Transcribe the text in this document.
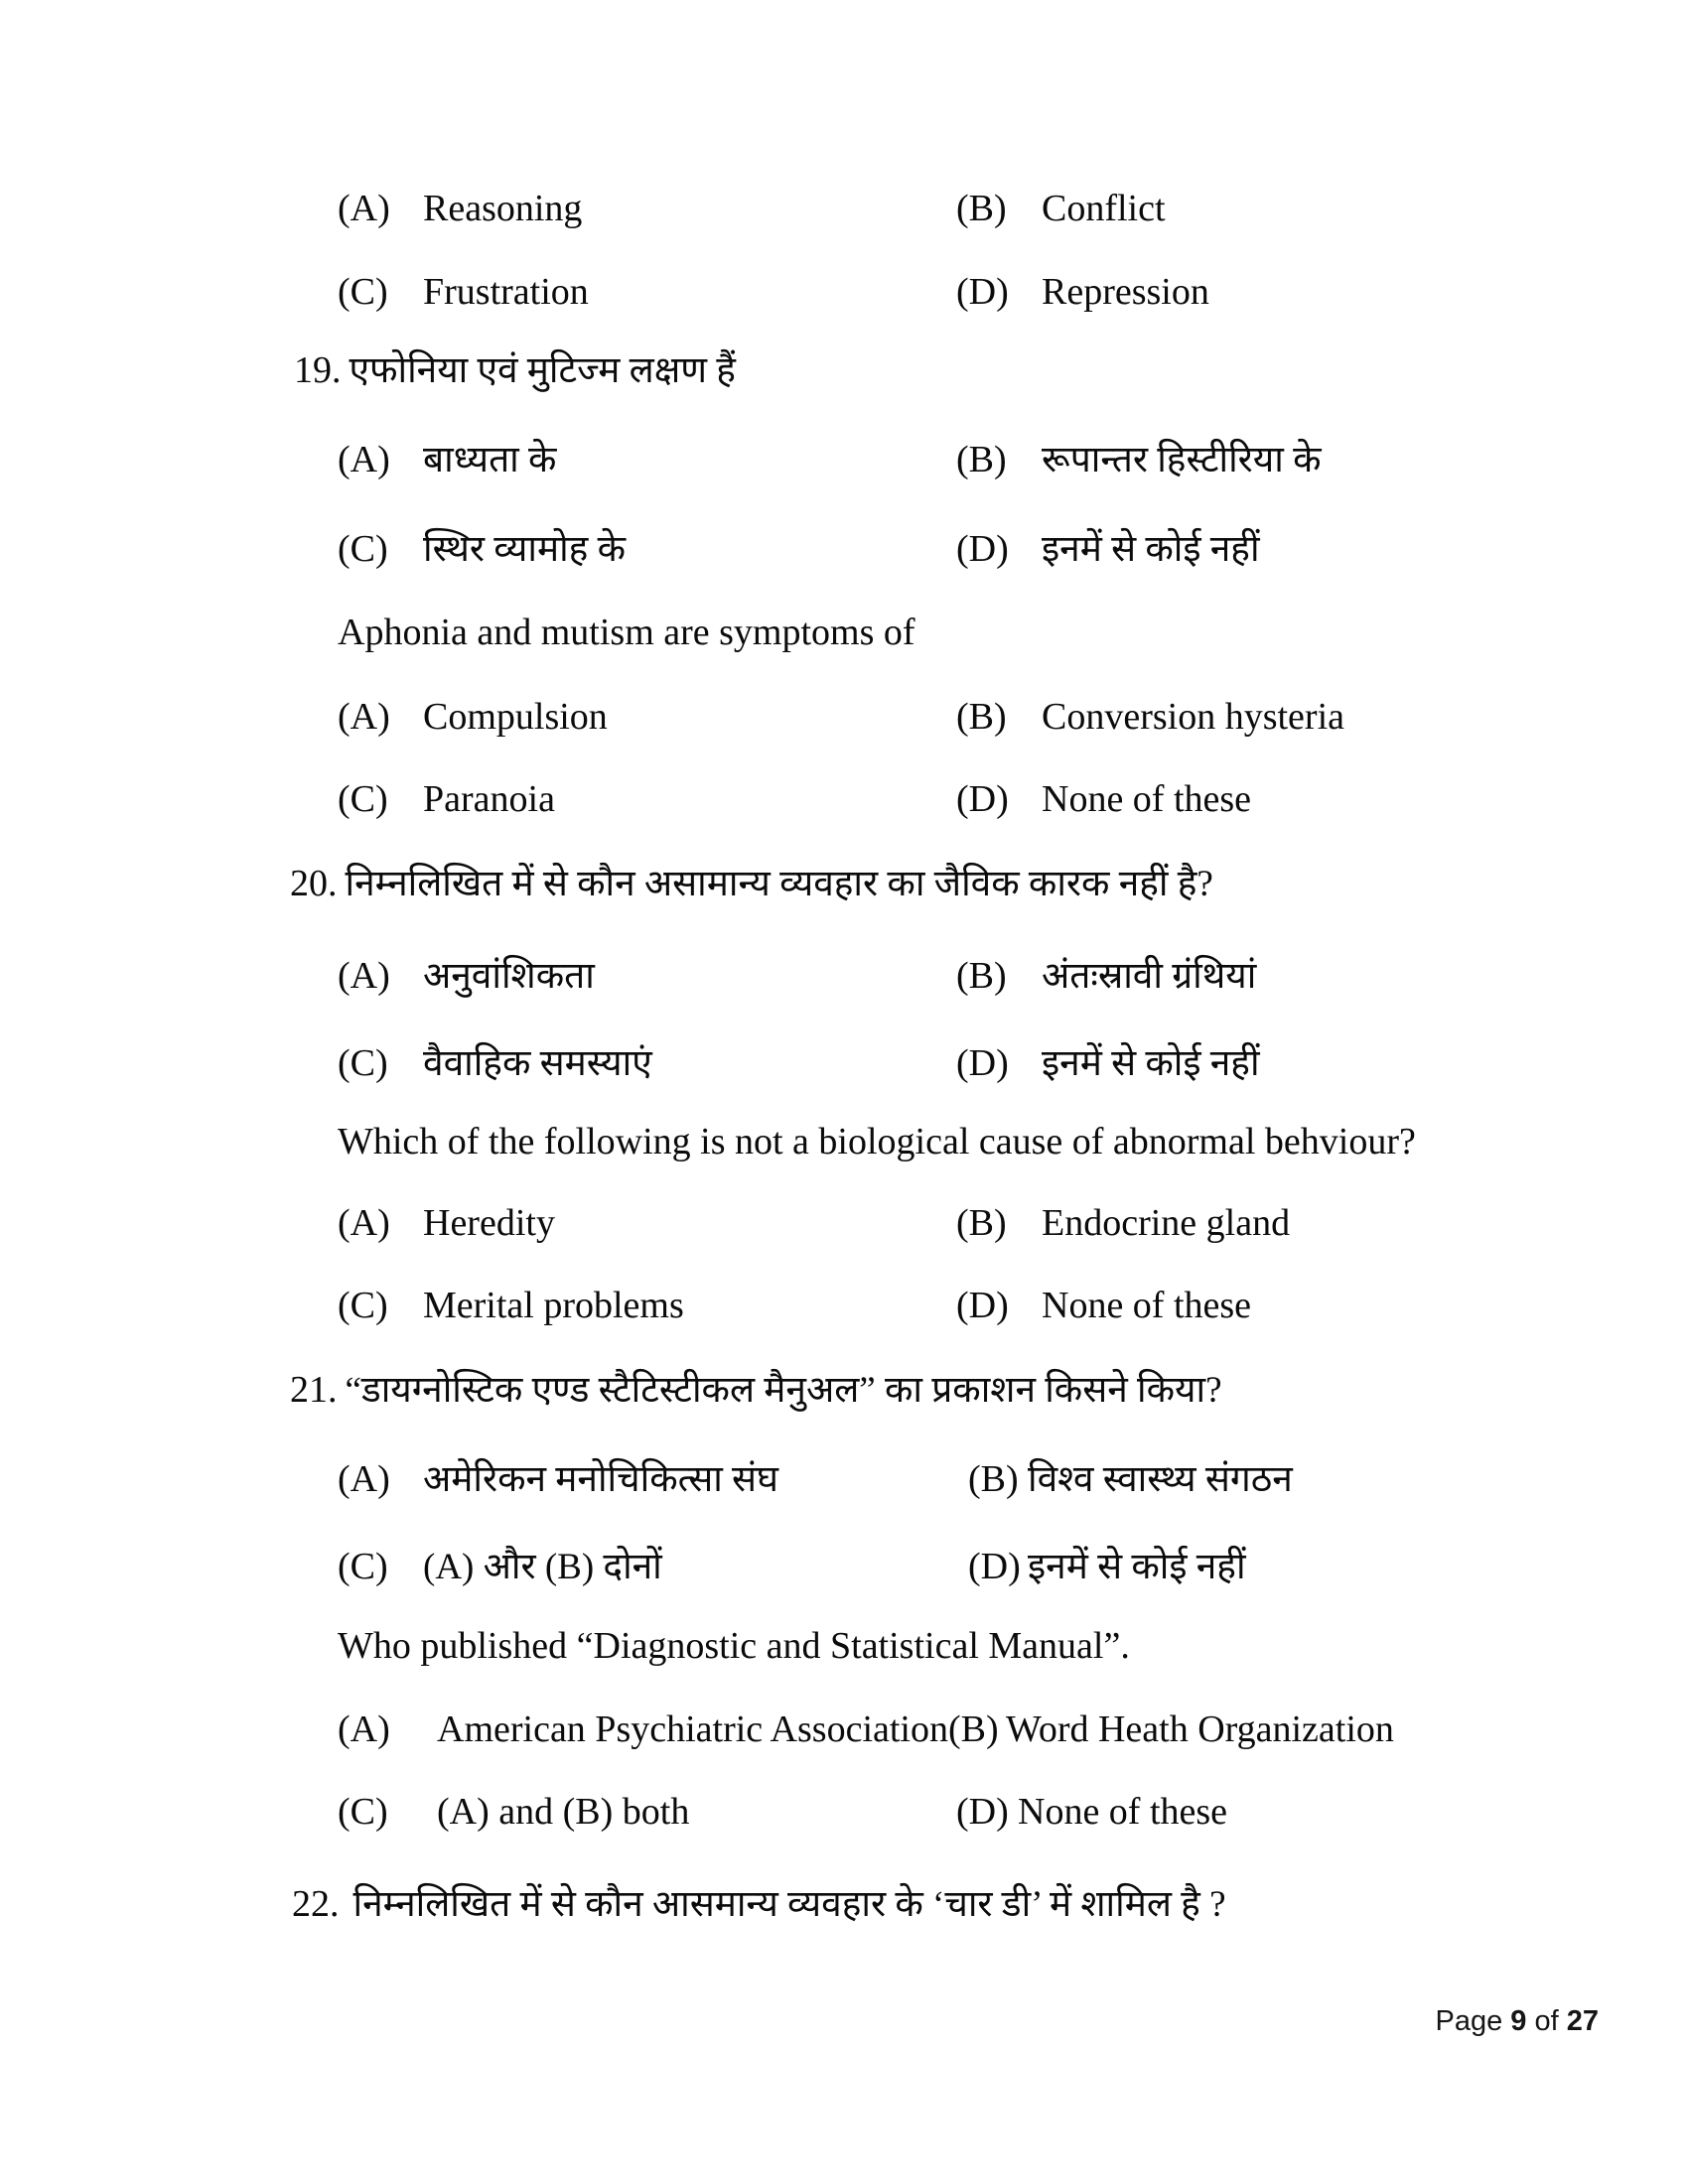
(A) Reasoning	(B) Conflict
(C) Frustration	(D) Repression
19. एफोनिया एवं मुटिज्म लक्षण हैं
(A) बाध्यता के	(B) रूपान्तर हिस्टीरिया के
(C) स्थिर व्यामोह के	(D) इनमें से कोई नहीं
Aphonia and mutism are symptoms of
(A) Compulsion	(B) Conversion hysteria
(C) Paranoia	(D) None of these
20. निम्नलिखित में से कौन असामान्य व्यवहार का जैविक कारक नहीं है?
(A) अनुवांशिकता	(B) अंतःस्रावी ग्रंथियां
(C) वैवाहिक समस्याएं	(D) इनमें से कोई नहीं
Which of the following is not a biological cause of abnormal behviour?
(A) Heredity	(B) Endocrine gland
(C) Merital problems	(D) None of these
21. “डायग्नोस्टिक एण्ड स्टैटिस्टीकल मैनुअल” का प्रकाशन किसने किया?
(A) अमेरिकन मनोचिकित्सा संघ	(B) विश्व स्वास्थ्य संगठन
(C) (A) और (B) दोनों	(D) इनमें से कोई नहीं
Who published “Diagnostic and Statistical Manual”.
(A)	American Psychiatric Association (B) Word Heath Organization
(C)	(A) and (B) both	(D) None of these
22. निम्नलिखित में से कौन आसमान्य व्यवहार के ‘चार डी’ में शामिल है ?
Page 9 of 27
